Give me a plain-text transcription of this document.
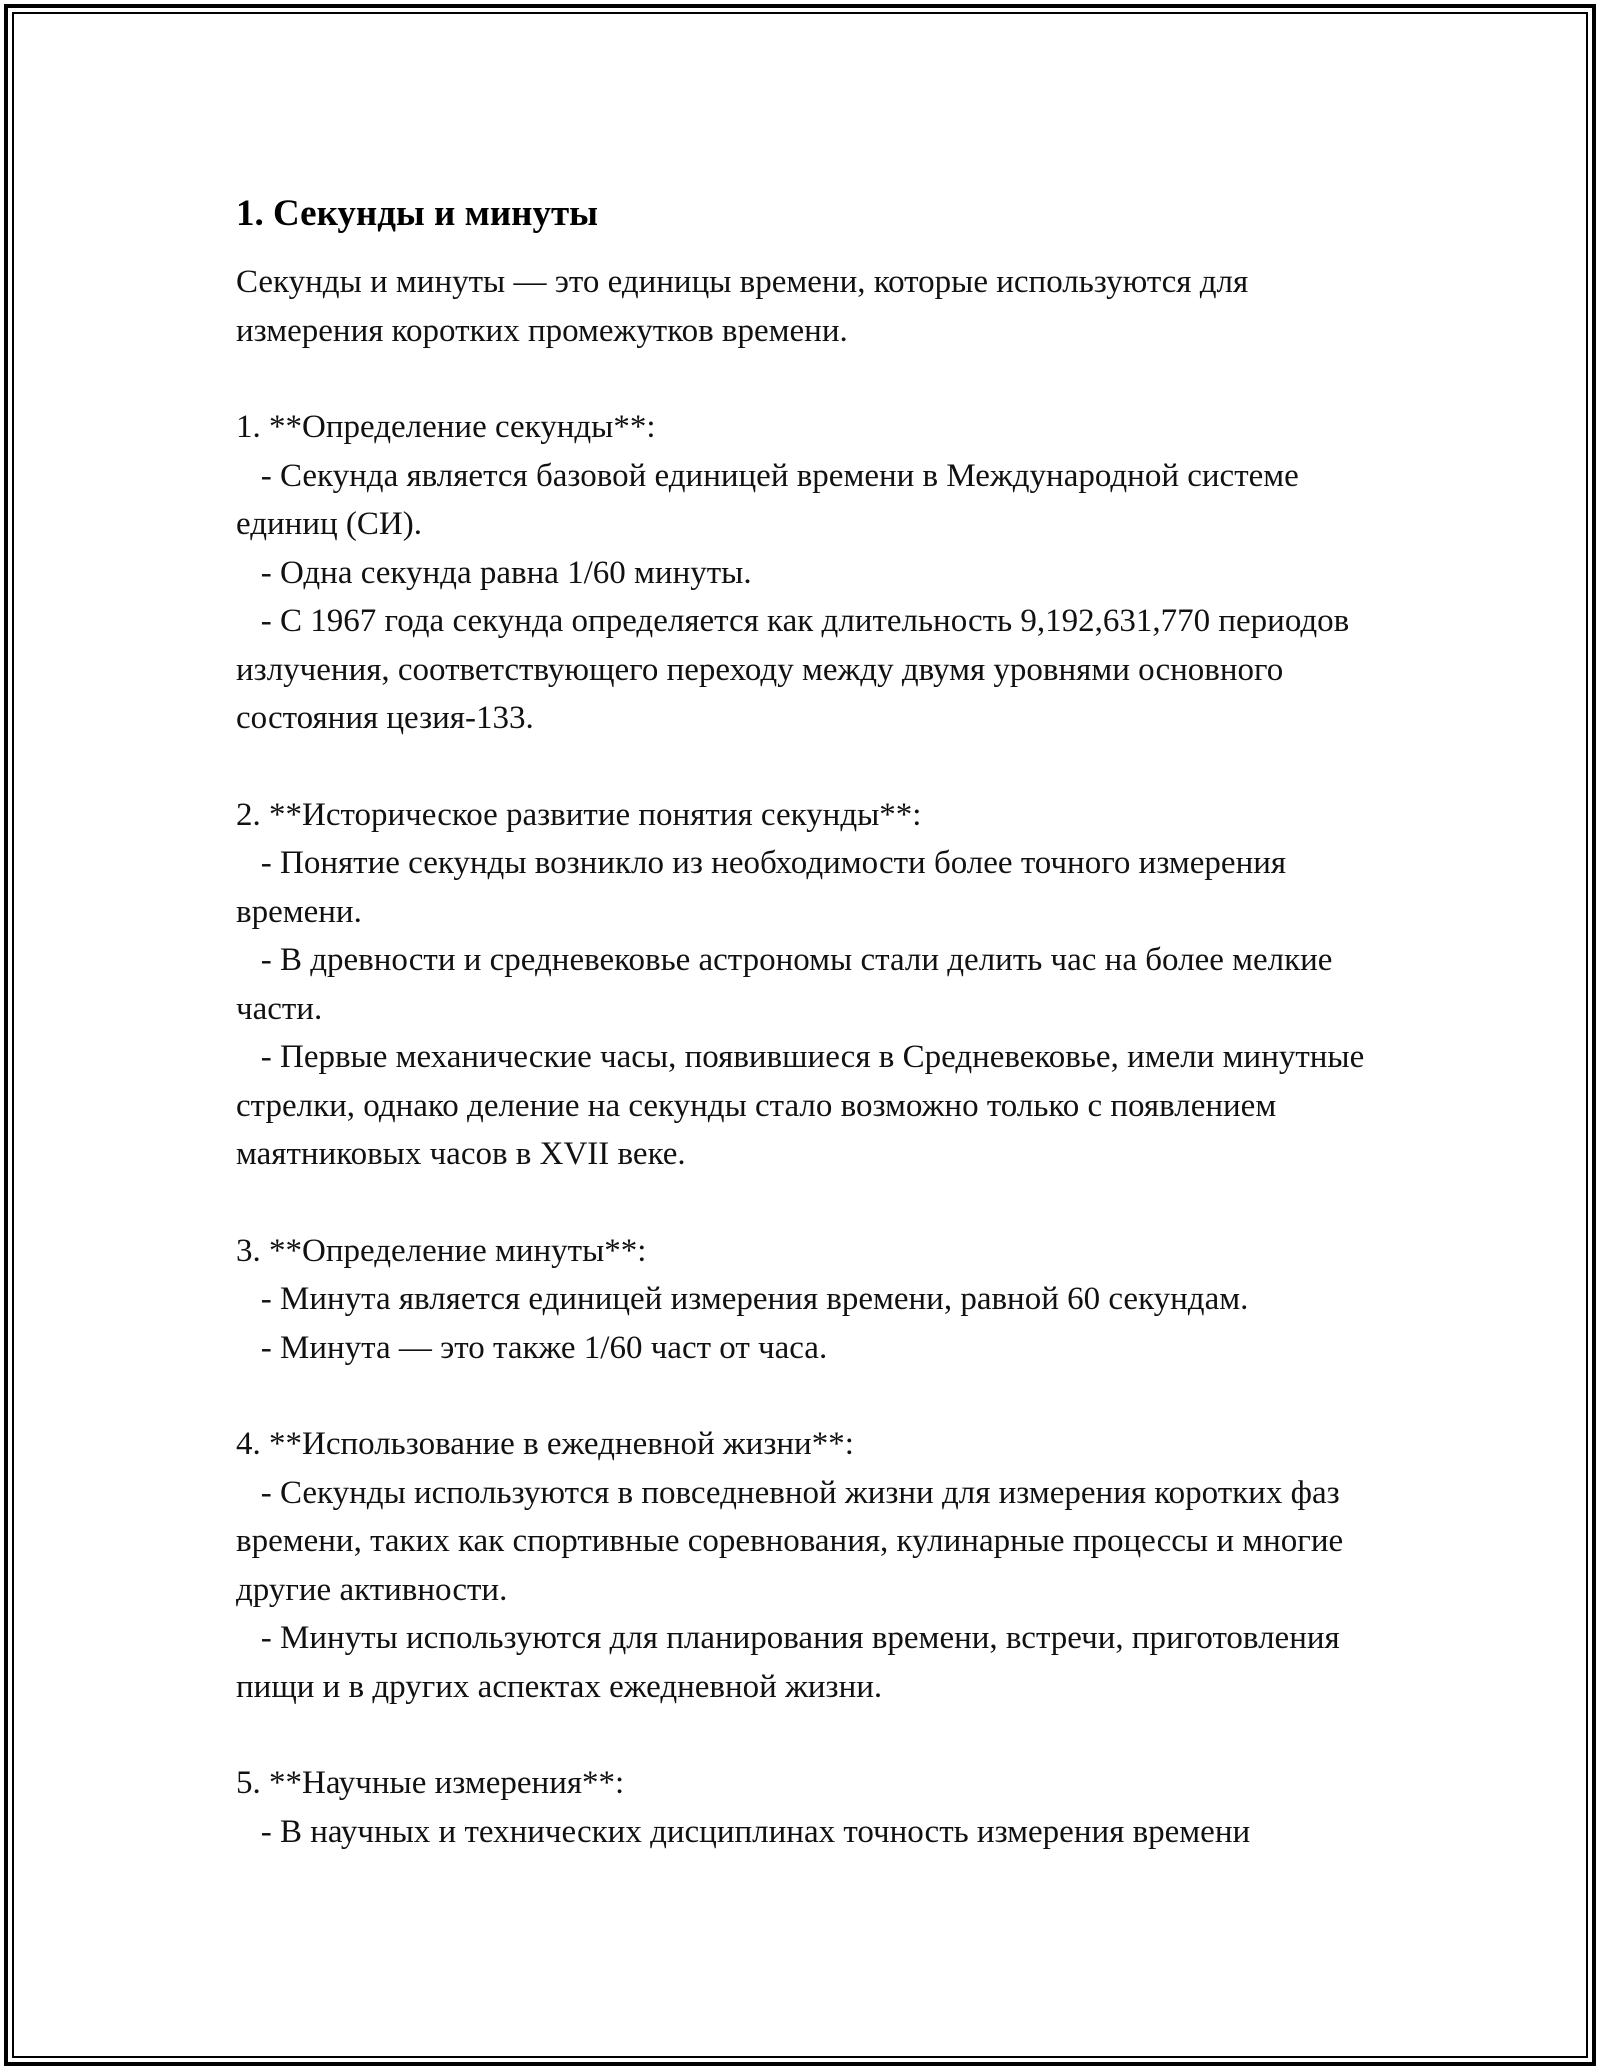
1. Секунды и минуты

Секунды и минуты — это единицы времени, которые используются для измерения коротких промежутков времени.

1. **Определение секунды**:

- Секунда является базовой единицей времени в Международной системе единиц (СИ).

- Одна секунда равна 1/60 минуты.

- С 1967 года секунда определяется как длительность 9,192,631,770 периодов излучения, соответствующего переходу между двумя уровнями основного состояния цезия-133.

2. **Историческое развитие понятия секунды**:

- Понятие секунды возникло из необходимости более точного измерения времени.

- В древности и средневековье астрономы стали делить час на более мелкие части.

- Первые механические часы, появившиеся в Средневековье, имели минутные стрелки, однако деление на секунды стало возможно только с появлением маятниковых часов в XVII веке.

3. **Определение минуты**:

- Минута является единицей измерения времени, равной 60 секундам.

- Минута — это также 1/60 част от часа.

4. **Использование в ежедневной жизни**:

- Секунды используются в повседневной жизни для измерения коротких фаз времени, таких как спортивные соревнования, кулинарные процессы и многие другие активности.

- Минуты используются для планирования времени, встречи, приготовления пищи и в других аспектах ежедневной жизни.

5. **Научные измерения**:

- В научных и технических дисциплинах точность измерения времени
